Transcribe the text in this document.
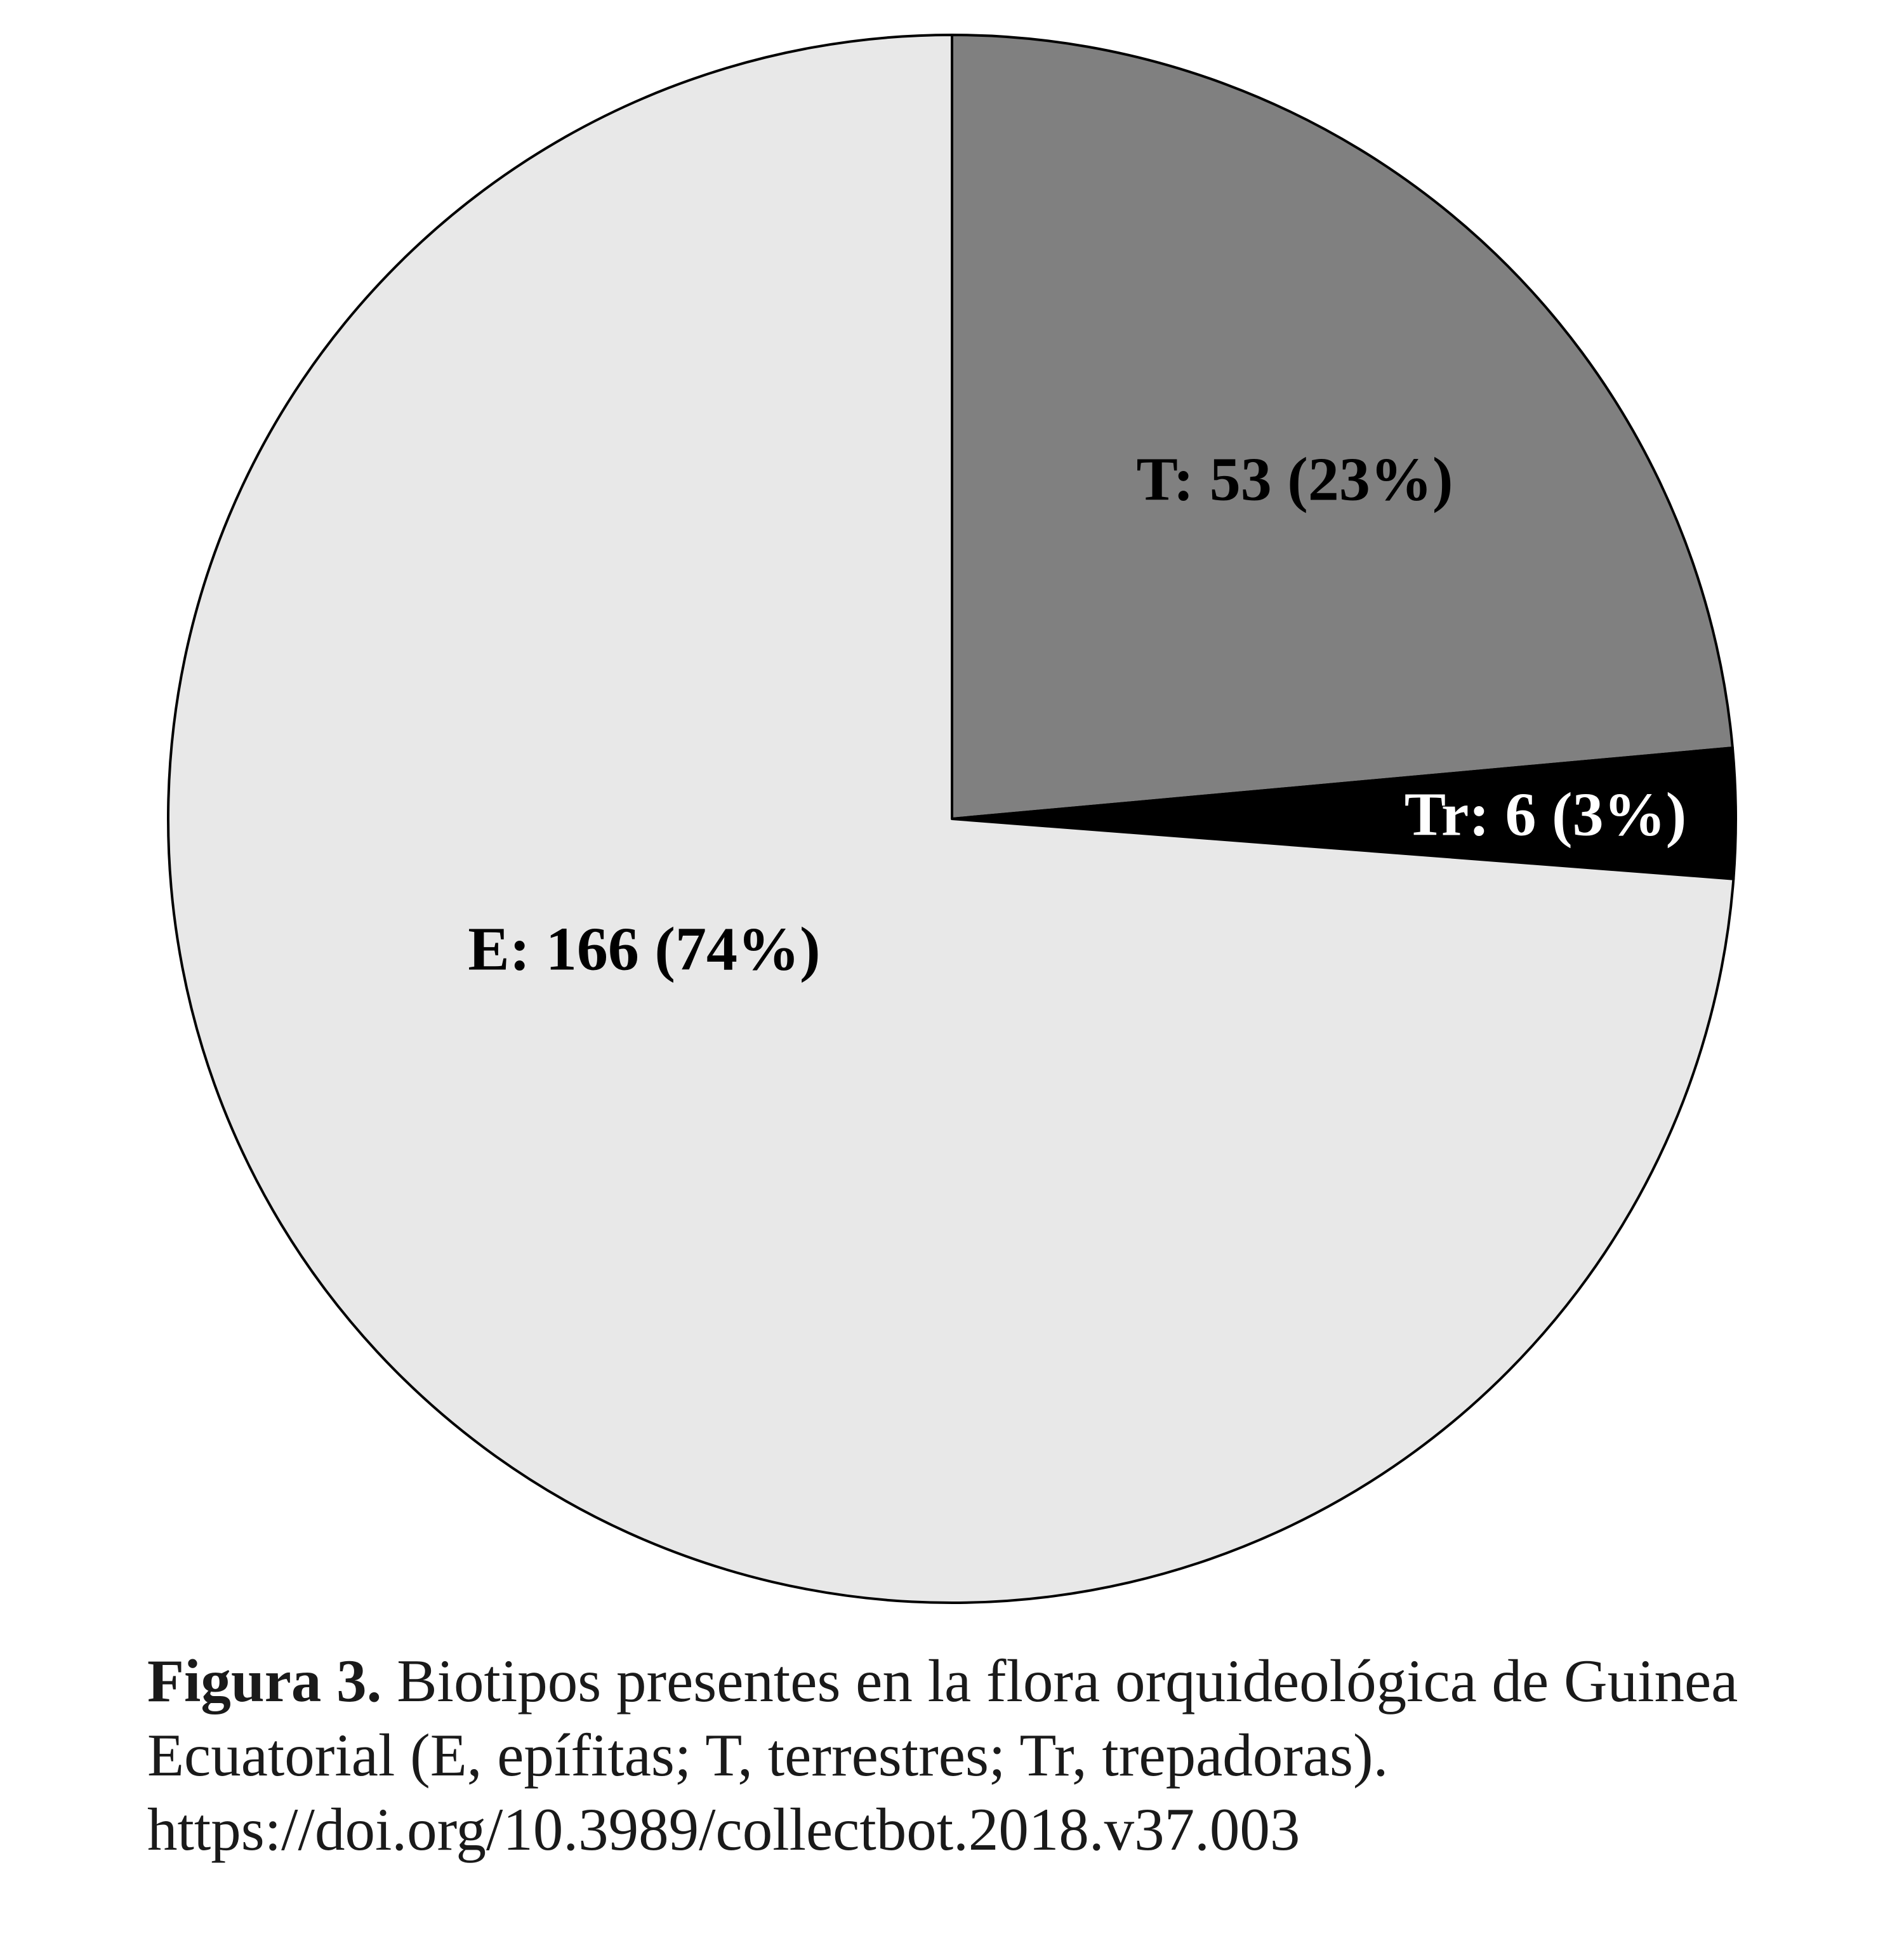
T: 53 (23%)
Tr: 6 (3%)
E: 166 (74%)
Figura 3. Biotipos presentes en la flora orquideológica de Guinea Ecuatorial (E, epífitas; T, terrestres; Tr, trepadoras). https://doi.org/10.3989/collectbot.2018.v37.003
